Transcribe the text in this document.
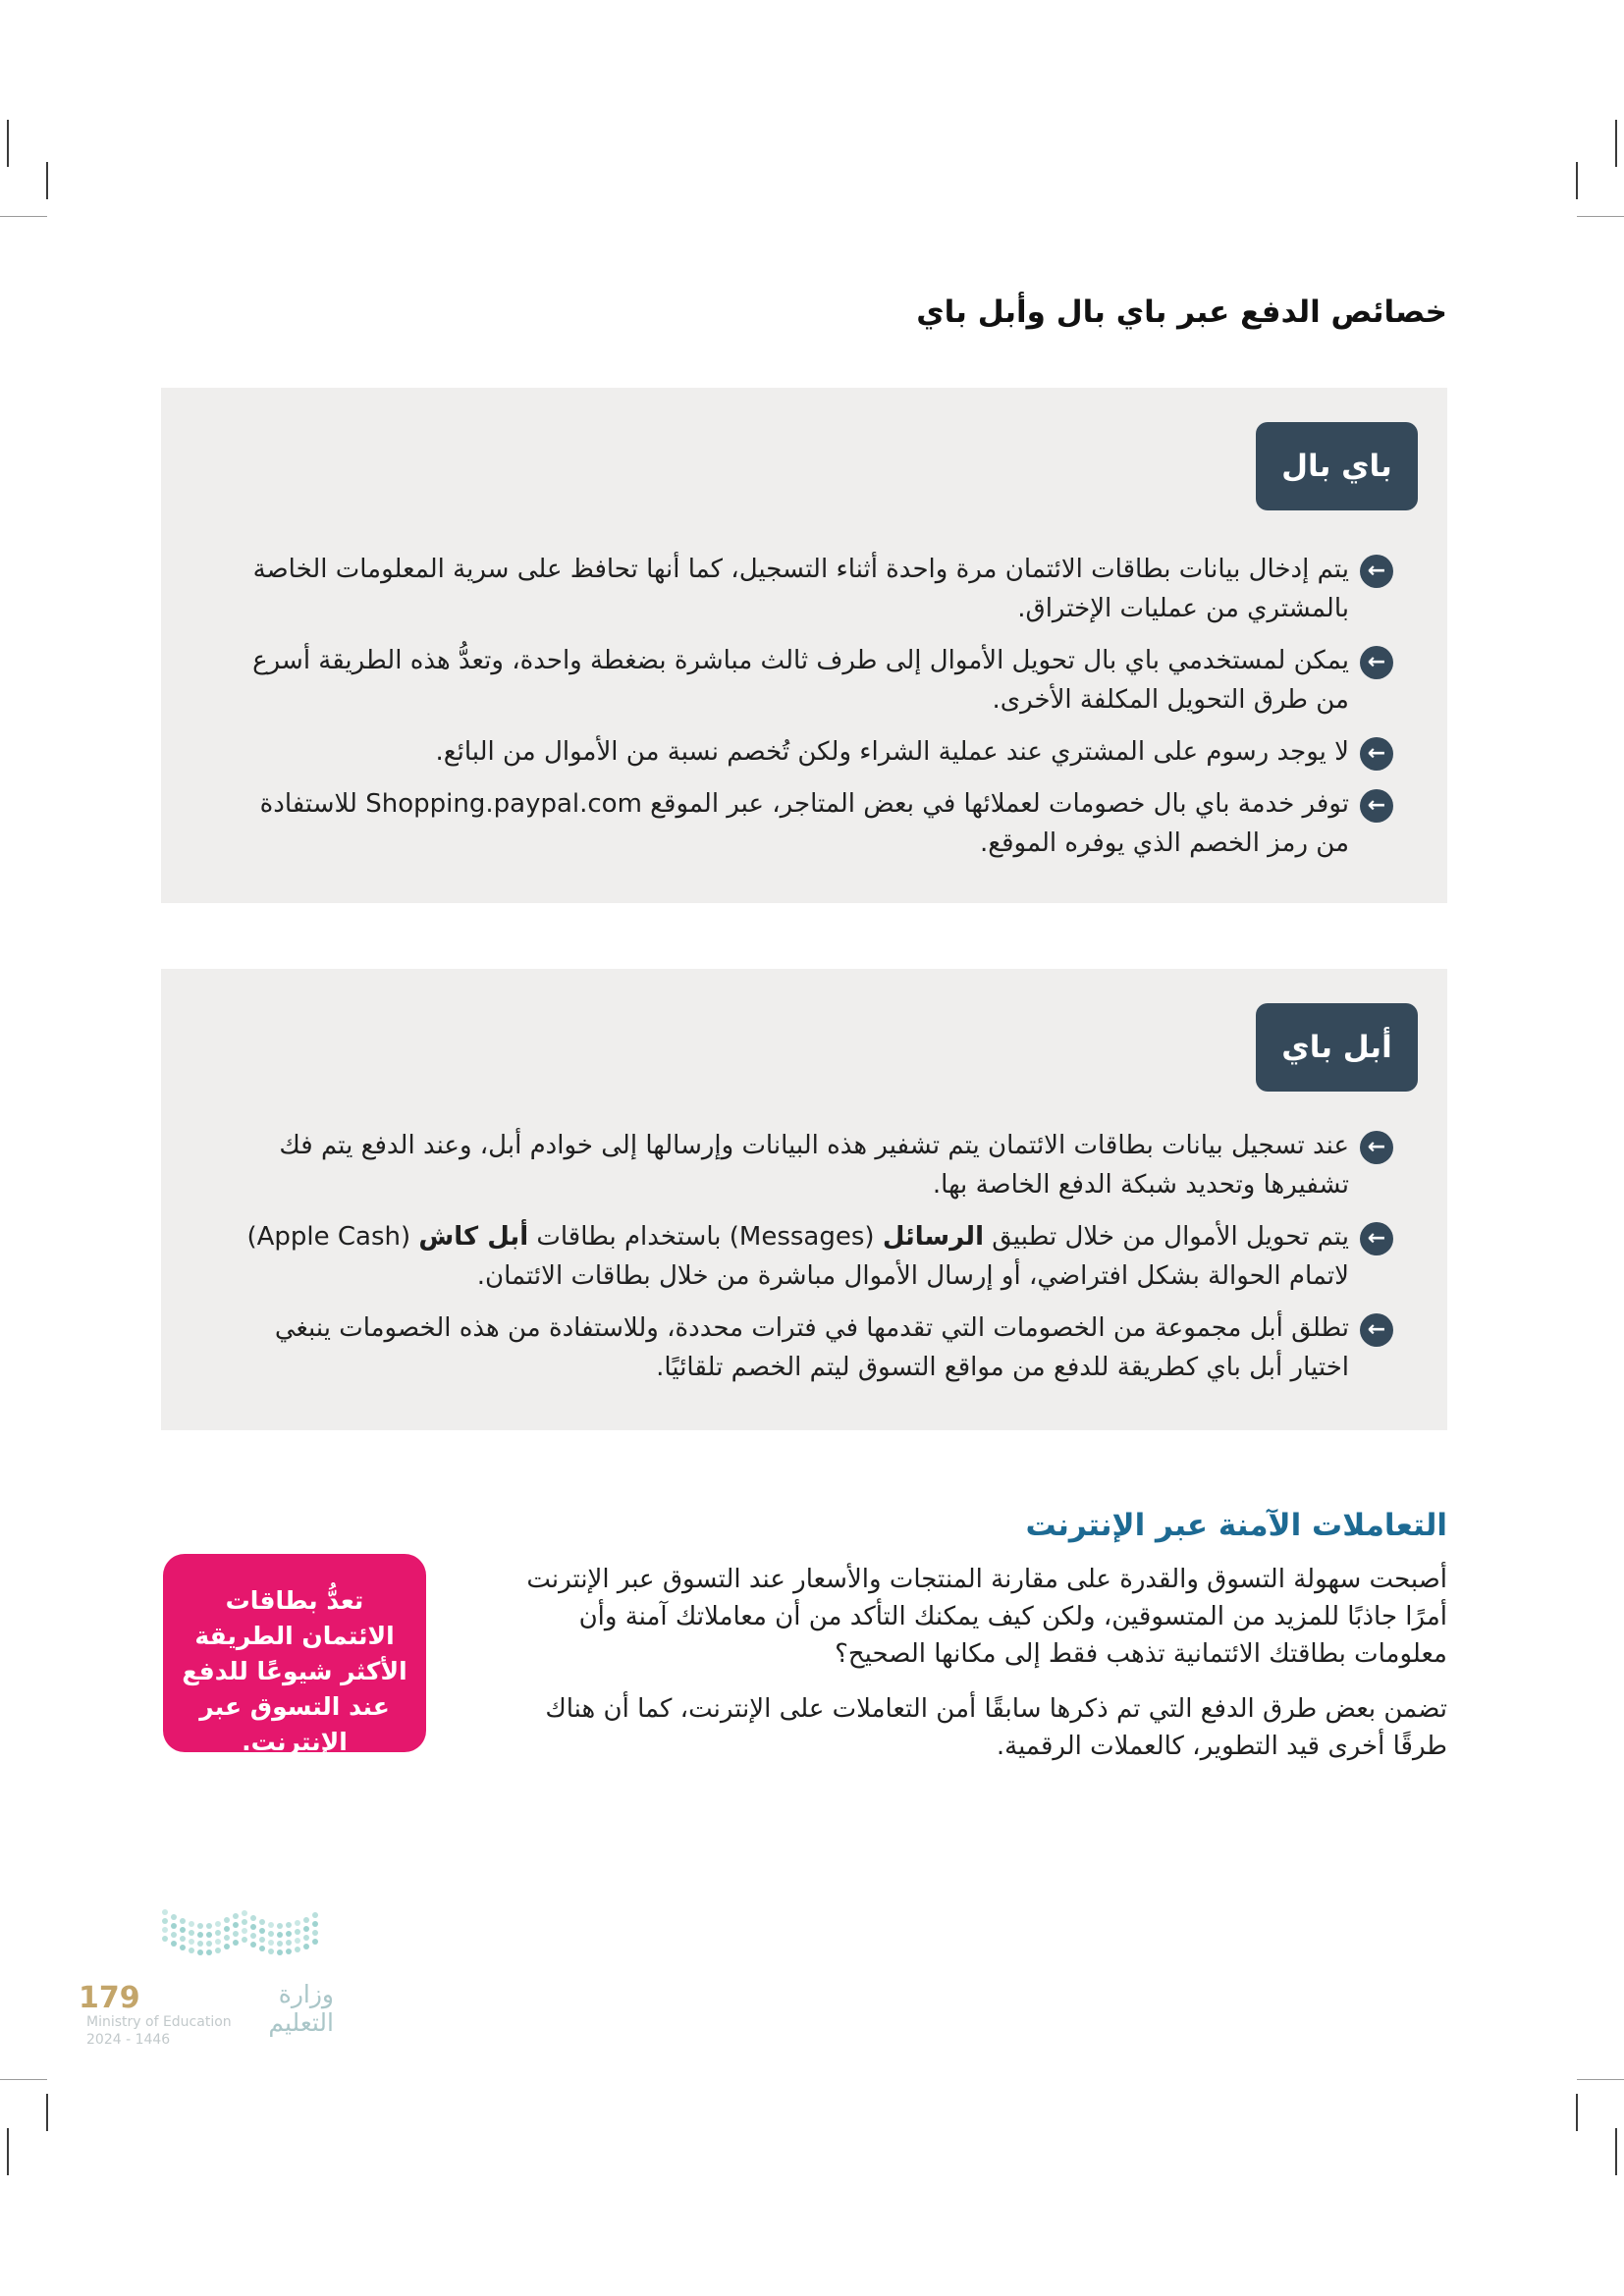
خصائص الدفع عبر باي بال وأبل باي
باي بال
←
يتم إدخال بيانات بطاقات الائتمان مرة واحدة أثناء التسجيل، كما أنها تحافظ على سرية المعلومات الخاصة بالمشتري من عمليات الإختراق.
←
يمكن لمستخدمي باي بال تحويل الأموال إلى طرف ثالث مباشرة بضغطة واحدة، وتعدُّ هذه الطريقة أسرع من طرق التحويل المكلفة الأخرى.
←
لا يوجد رسوم على المشتري عند عملية الشراء ولكن تُخصم نسبة من الأموال من البائع.
←
توفر خدمة باي بال خصومات لعملائها في بعض المتاجر، عبر الموقع Shopping.paypal.com للاستفادة من رمز الخصم الذي يوفره الموقع.
أبل باي
←
عند تسجيل بيانات بطاقات الائتمان يتم تشفير هذه البيانات وإرسالها إلى خوادم أبل، وعند الدفع يتم فك تشفيرها وتحديد شبكة الدفع الخاصة بها.
←
يتم تحويل الأموال من خلال تطبيق الرسائل (Messages) باستخدام بطاقات أبل كاش (Apple Cash) لاتمام الحوالة بشكل افتراضي، أو إرسال الأموال مباشرة من خلال بطاقات الائتمان.
←
تطلق أبل مجموعة من الخصومات التي تقدمها في فترات محددة، وللاستفادة من هذه الخصومات ينبغي اختيار أبل باي كطريقة للدفع من مواقع التسوق ليتم الخصم تلقائيًا.
التعاملات الآمنة عبر الإنترنت

أصبحت سهولة التسوق والقدرة على مقارنة المنتجات والأسعار عند التسوق عبر الإنترنت أمرًا جاذبًا للمزيد من المتسوقين، ولكن كيف يمكنك التأكد من أن معاملاتك آمنة وأن معلومات بطاقتك الائتمانية تذهب فقط إلى مكانها الصحيح؟

تضمن بعض طرق الدفع التي تم ذكرها سابقًا أمن التعاملات على الإنترنت، كما أن هناك طرقًا أخرى قيد التطوير، كالعملات الرقمية.

تعدُّ بطاقات الائتمان الطريقة الأكثر شيوعًا للدفع عند التسوق عبر الإنترنت.
وزارة التعليم
Ministry of Education
2024 - 1446
179
